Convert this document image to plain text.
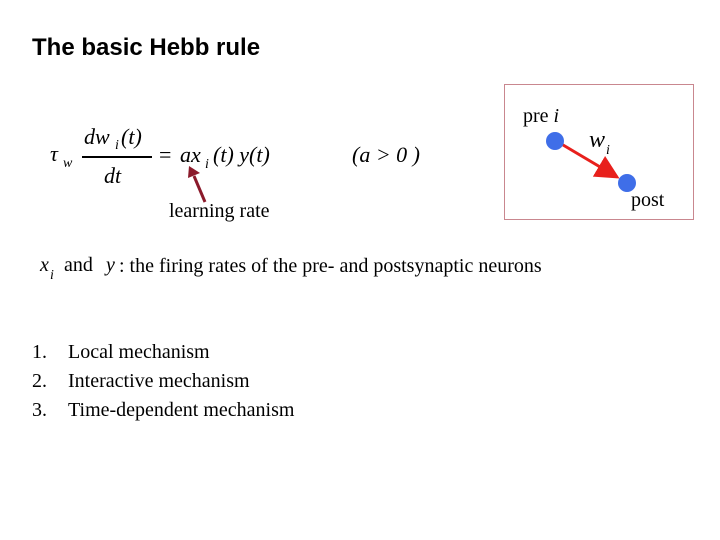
The basic Hebb rule
τ w
dw i (t)
dt
= ax i (t) y(t)	(a > 0 )
learning rate
x i and y : the firing rates of the pre- and postsynaptic neurons
1. Local mechanism
2. Interactive mechanism
3. Time-dependent mechanism
pre i
w i
post
